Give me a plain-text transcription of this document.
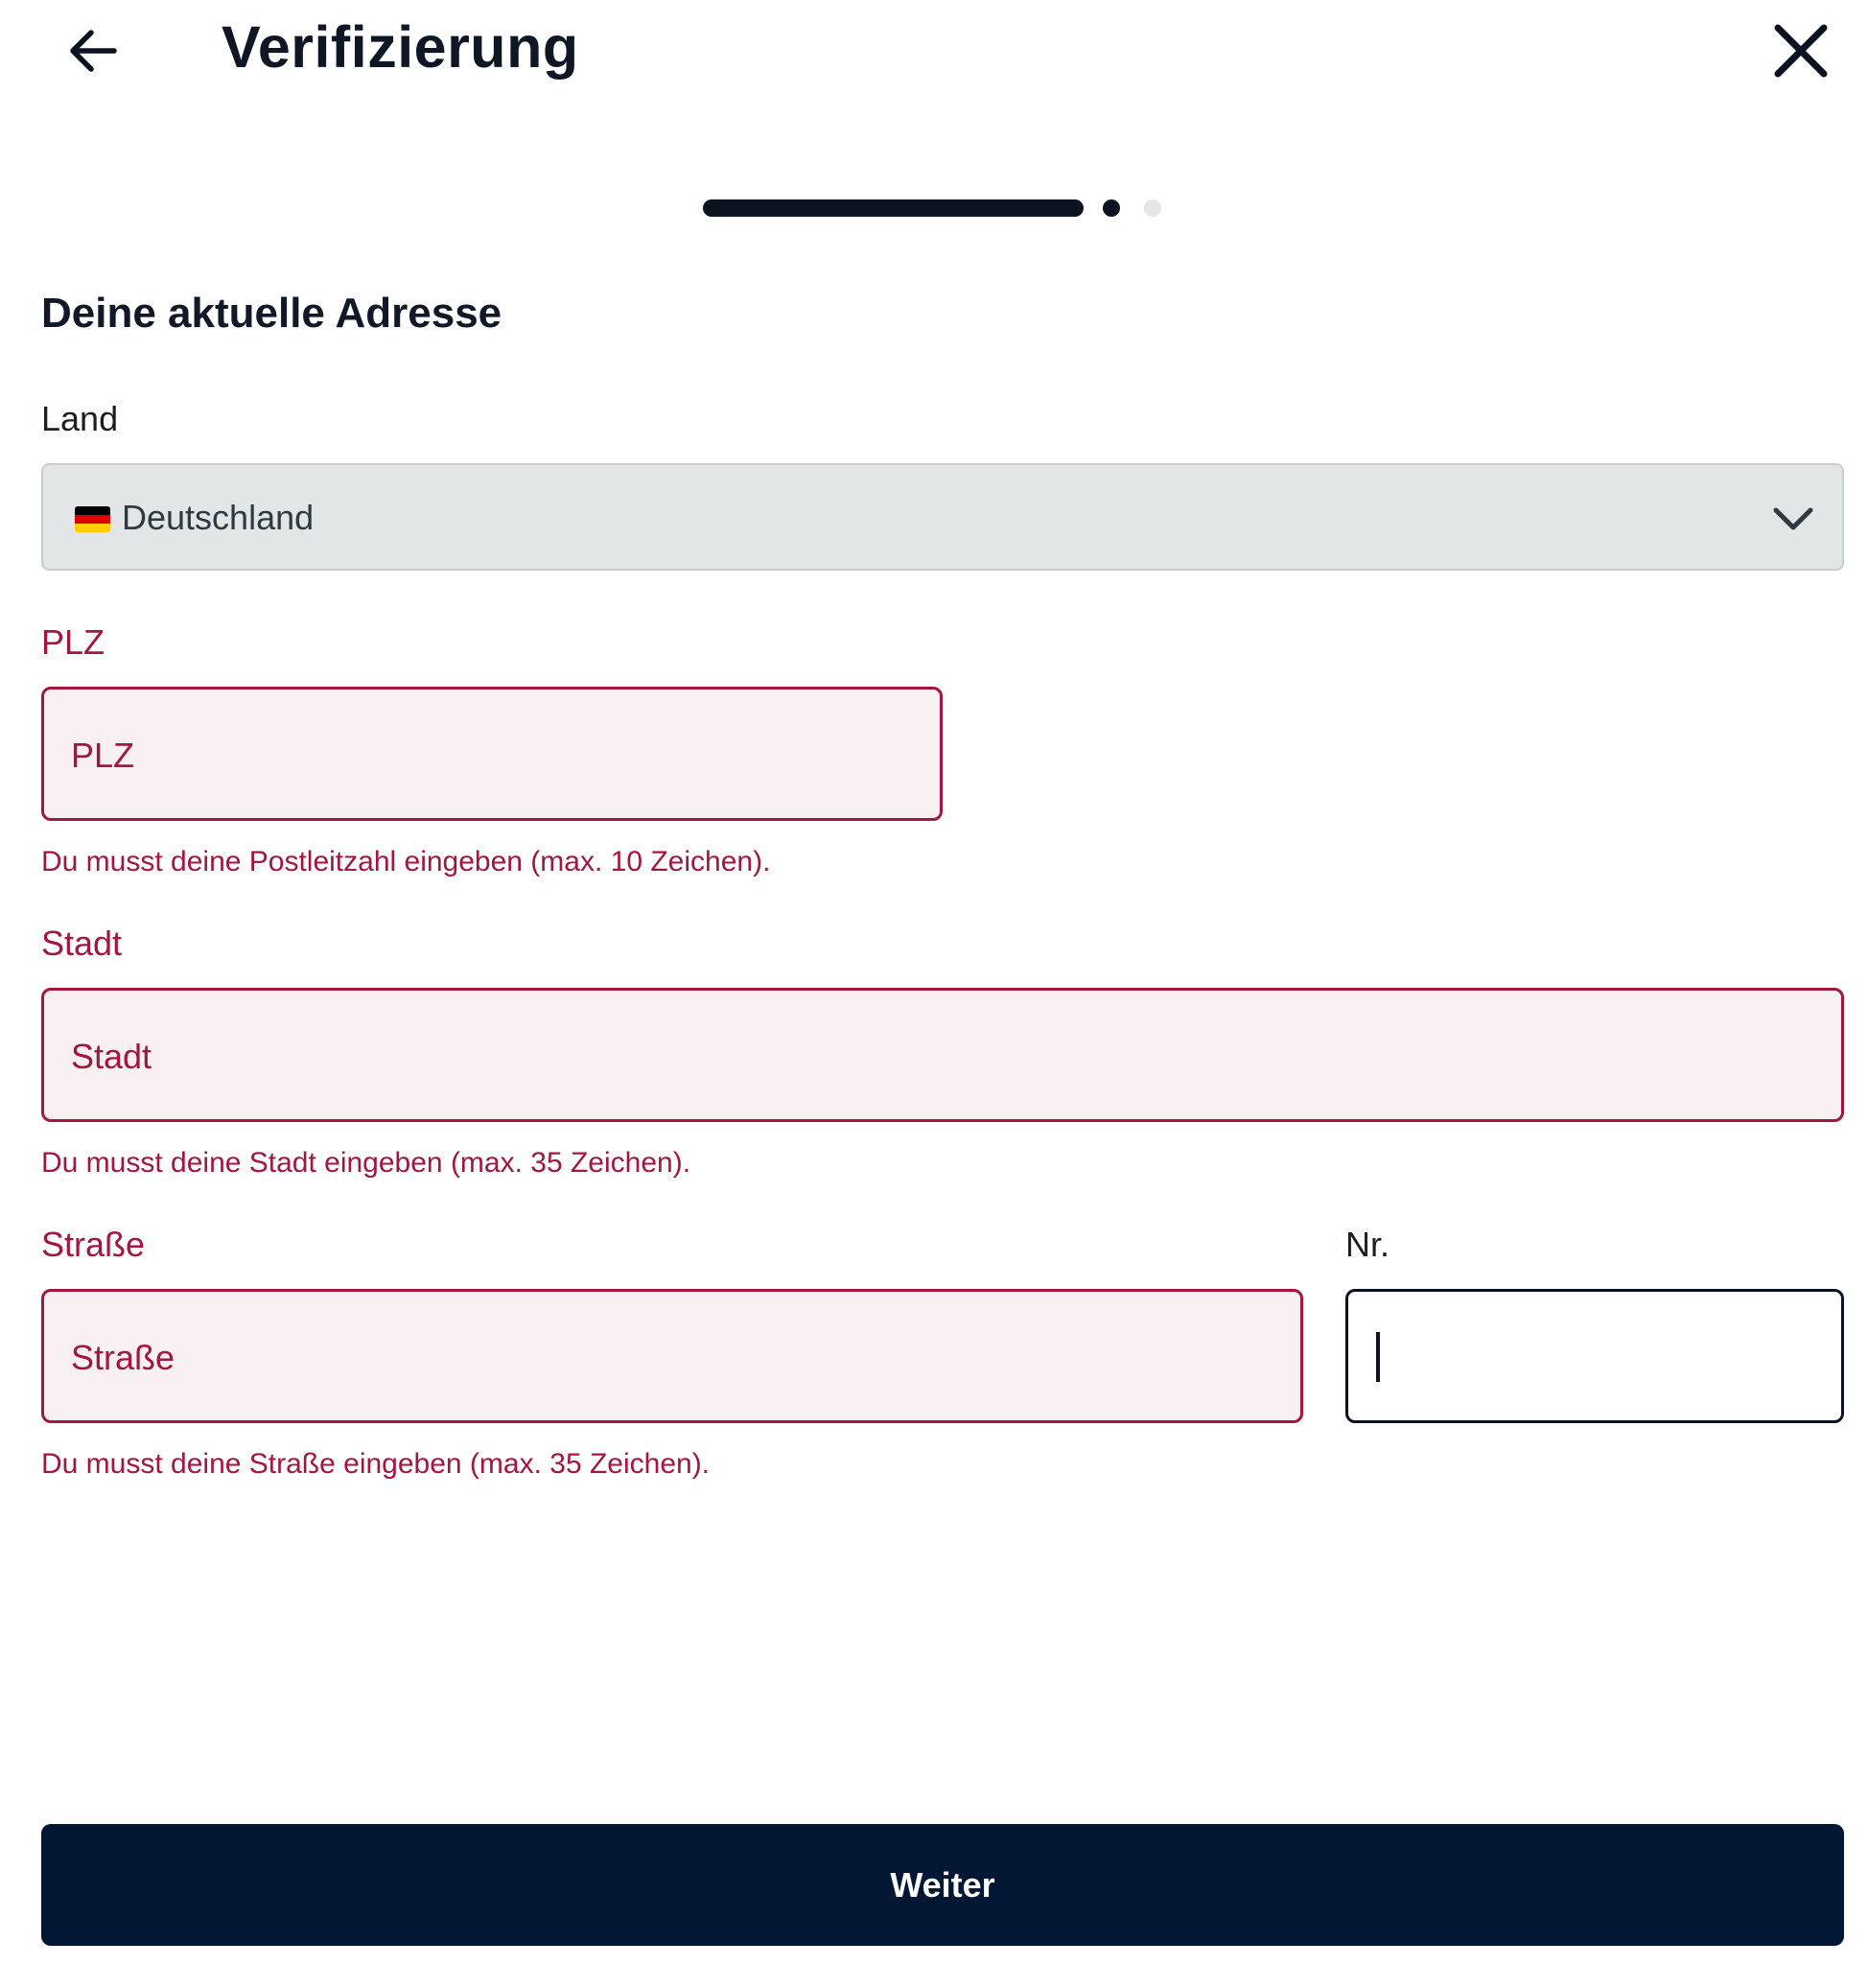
Verifizierung
Deine aktuelle Adresse
Land
Deutschland
PLZ
PLZ
Du musst deine Postleitzahl eingeben (max. 10 Zeichen).
Stadt
Stadt
Du musst deine Stadt eingeben (max. 35 Zeichen).
Straße
Straße
Du musst deine Straße eingeben (max. 35 Zeichen).
Nr.
Weiter
